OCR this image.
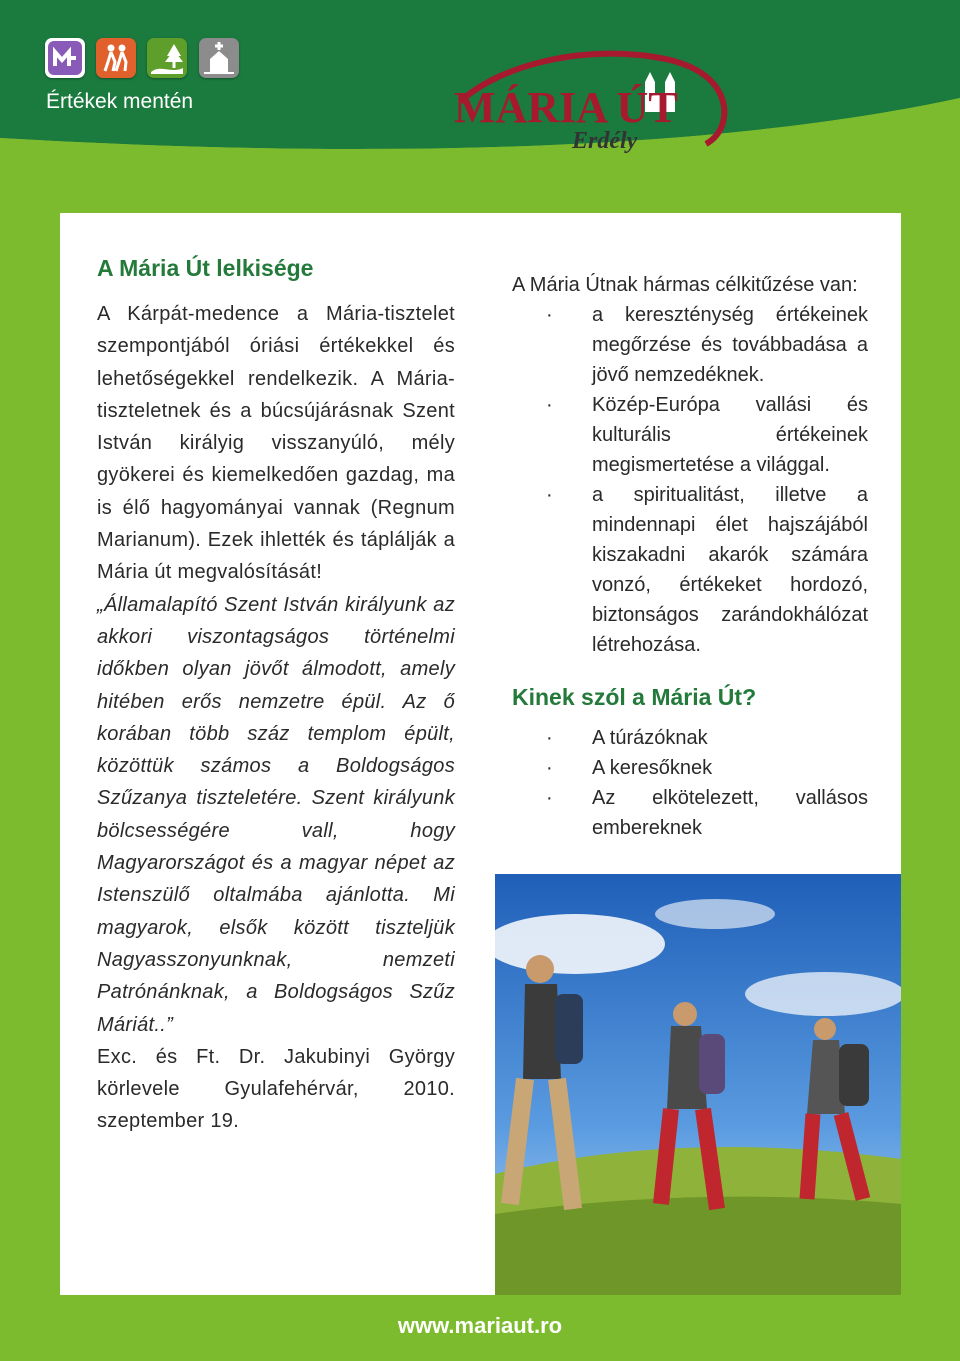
Értékek mentén	MÁRIA ÚT
Erdély
A Mária Út lelkisége

A Kárpát-medence a Mária-tisztelet szempontjából óriási értékekkel és lehetőségekkel rendelkezik. A Mária-tiszteletnek és a búcsújárásnak Szent István királyig visszanyúló, mély gyökerei és kiemelkedően gazdag, ma is élő hagyományai vannak (Regnum Marianum). Ezek ihlették és táplálják a Mária út megvalósítását!

„Államalapító Szent István királyunk az akkori viszontagságos történelmi időkben olyan jövőt álmodott, amely hitében erős nemzetre épül. Az ő korában több száz templom épült, közöttük számos a Boldogságos Szűzanya tiszteletére. Szent királyunk bölcsességére vall, hogy Magyarországot és a magyar népet az Istenszülő oltalmába ajánlotta. Mi magyarok, elsők között tiszteljük Nagyasszonyunknak, nemzeti Patrónánknak, a Boldogságos Szűz Máriát..”

Exc. és Ft. Dr. Jakubinyi György körlevele Gyulafehérvár, 2010. szeptember 19.

A Mária Útnak hármas célkitűzése van:

· a kereszténység értékeinek megőrzése és továbbadása a jövő nemzedéknek.
· Közép-Európa vallási és kulturális értékeinek megismertetése a világgal.
· a spiritualitást, illetve a mindennapi élet hajszájából kiszakadni akarók számára vonzó, értékeket hordozó, biztonságos zarándokhálózat létrehozása.
Kinek szól a Mária Út?
· A túrázóknak
· A keresőknek
· Az elkötelezett, vallásos embereknek
www.mariaut.ro
